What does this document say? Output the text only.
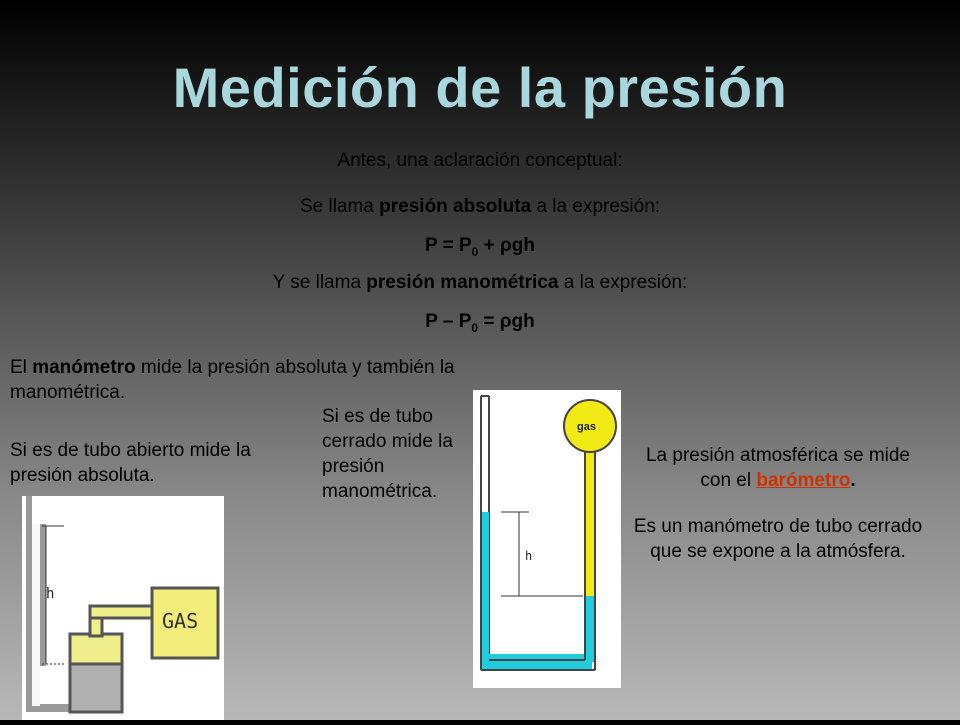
Medición de la presión
Antes, una aclaración conceptual:
Se llama presión absoluta a la expresión:
$P = P_0 + \rho gh$
Y se llama presión manométrica a la expresión:
$P - P_0 = \rho gh$
El manómetro mide la presión absoluta y también la manométrica.
Si es de tubo abierto mide la presión absoluta.
Si es de tubo cerrado mide la presión manométrica.
La presión atmosférica se mide con el barómetro.
Es un manómetro de tubo cerrado que se expone a la atmósfera.
h
GAS
gas
h
